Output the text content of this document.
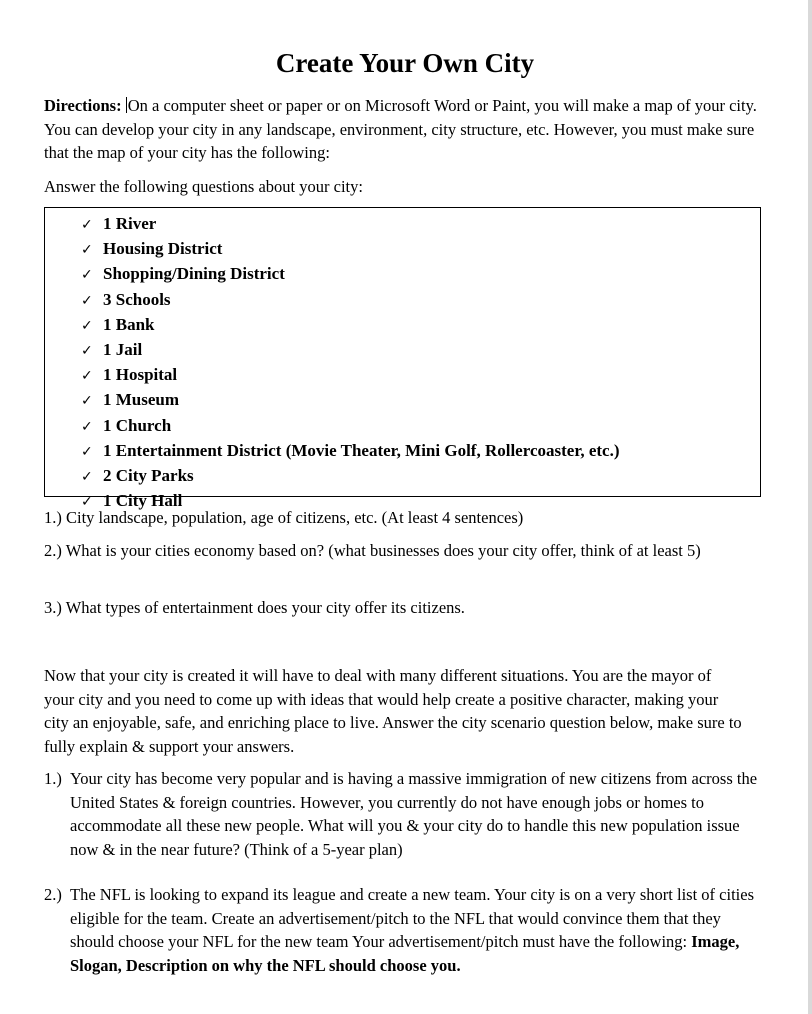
Create Your Own City

Directions: On a computer sheet or paper or on Microsoft Word or Paint, you will make a map of your city. You can develop your city in any landscape, environment, city structure, etc. However, you must make sure that the map of your city has the following:

Answer the following questions about your city:

✓ 1 River
✓ Housing District
✓ Shopping/Dining District
✓ 3 Schools
✓ 1 Bank
✓ 1 Jail
✓ 1 Hospital
✓ 1 Museum
✓ 1 Church
✓ 1 Entertainment District (Movie Theater, Mini Golf, Rollercoaster, etc.)
✓ 2 City Parks
✓ 1 City Hall

1.) City landscape, population, age of citizens, etc. (At least 4 sentences)

2.) What is your cities economy based on? (what businesses does your city offer, think of at least 5)

3.) What types of entertainment does your city offer its citizens.

Now that your city is created it will have to deal with many different situations. You are the mayor of your city and you need to come up with ideas that would help create a positive character, making your city an enjoyable, safe, and enriching place to live. Answer the city scenario question below, make sure to fully explain & support your answers.

1.) Your city has become very popular and is having a massive immigration of new citizens from across the United States & foreign countries. However, you currently do not have enough jobs or homes to accommodate all these new people. What will you & your city do to handle this new population issue now & in the near future? (Think of a 5-year plan)

2.) The NFL is looking to expand its league and create a new team. Your city is on a very short list of cities eligible for the team. Create an advertisement/pitch to the NFL that would convince them that they should choose your NFL for the new team Your advertisement/pitch must have the following: Image, Slogan, Description on why the NFL should choose you.
